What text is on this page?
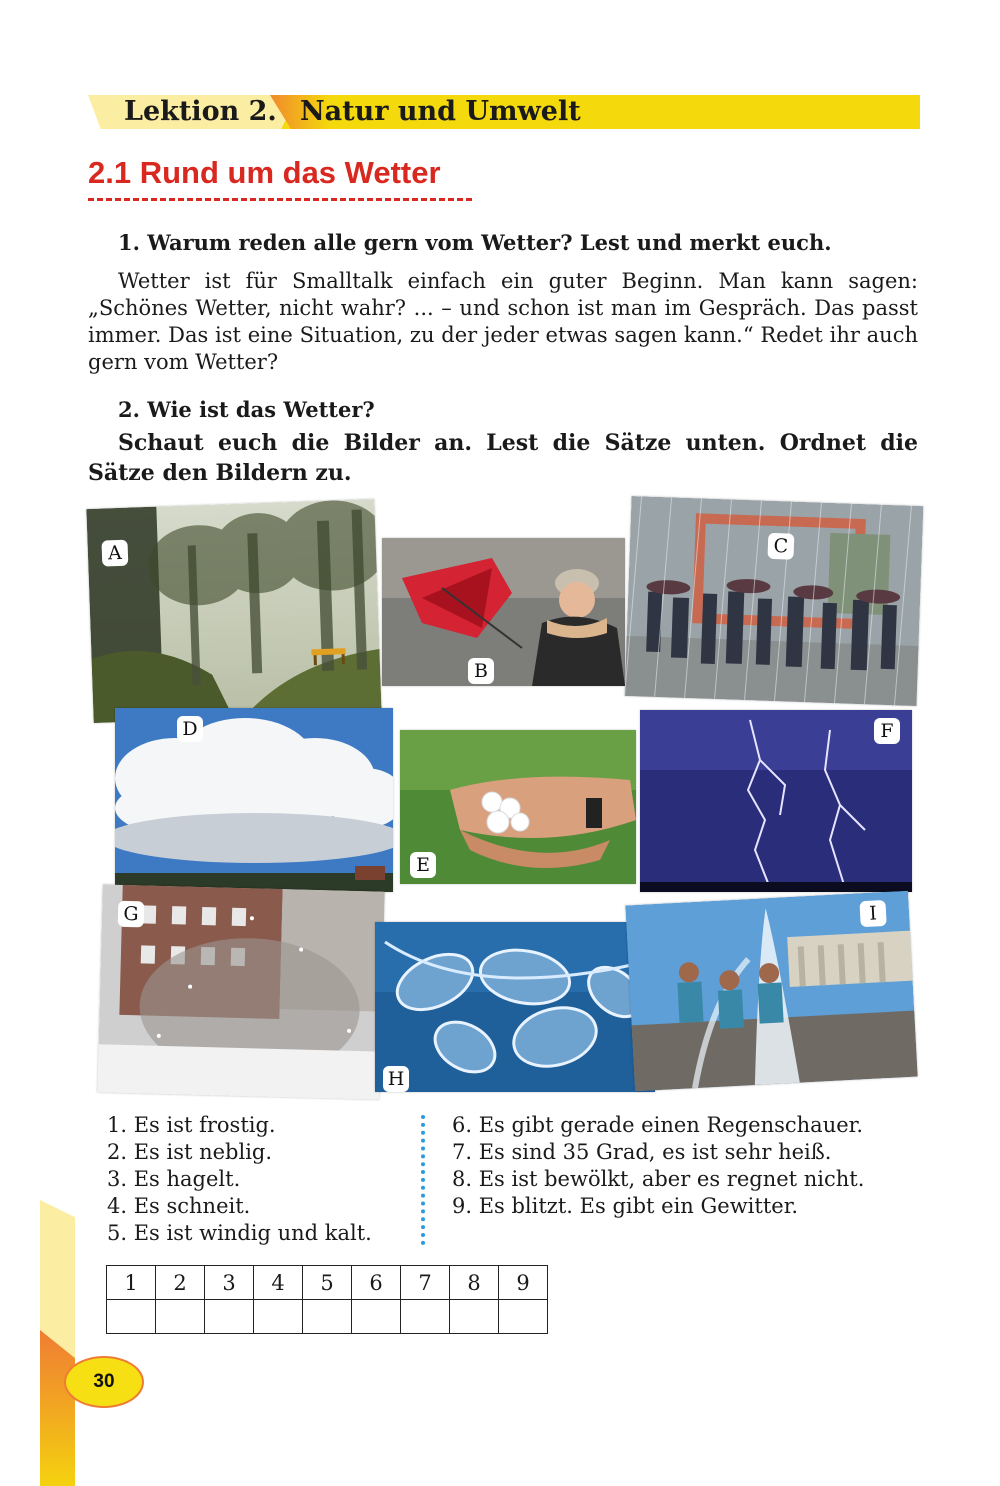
Lektion 2. Natur und Umwelt
2.1 Rund um das Wetter
1. Warum reden alle gern vom Wetter? Lest und merkt euch.
Wetter ist für Smalltalk einfach ein guter Beginn. Man kann sagen: „Schönes Wetter, nicht wahr? ... – und schon ist man im Gespräch. Das passt immer. Das ist eine Situation, zu der jeder etwas sagen kann.“ Redet ihr auch gern vom Wetter?
2. Wie ist das Wetter?
Schaut euch die Bilder an. Lest die Sätze unten. Ordnet die Sätze den Bildern zu.
A
B
C
D
E
F
G
H
I
1. Es ist frostig.
2. Es ist neblig.
3. Es hagelt.
4. Es schneit.
5. Es ist windig und kalt.
6. Es gibt gerade einen Regenschauer.
7. Es sind 35 Grad, es ist sehr heiß.
8. Es ist bewölkt, aber es regnet nicht.
9. Es blitzt. Es gibt ein Gewitter.
1	2	3	4	5	6	7	8	9

30
